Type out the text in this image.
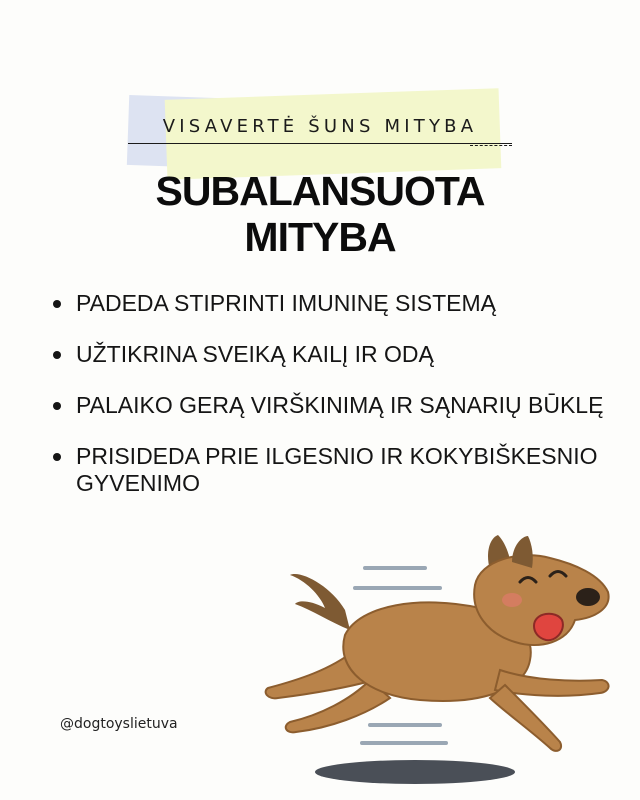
VISAVERTĖ ŠUNS MITYBA
SUBALANSUOTA
MITYBA
PADEDA STIPRINTI IMUNINĘ SISTEMĄ
UŽTIKRINA SVEIKĄ KAILĮ IR ODĄ
PALAIKO GERĄ VIRŠKINIMĄ IR SĄNARIŲ BŪKLĘ
PRISIDEDA PRIE ILGESNIO IR KOKYBIŠKESNIO GYVENIMO
@dogtoyslietuva
